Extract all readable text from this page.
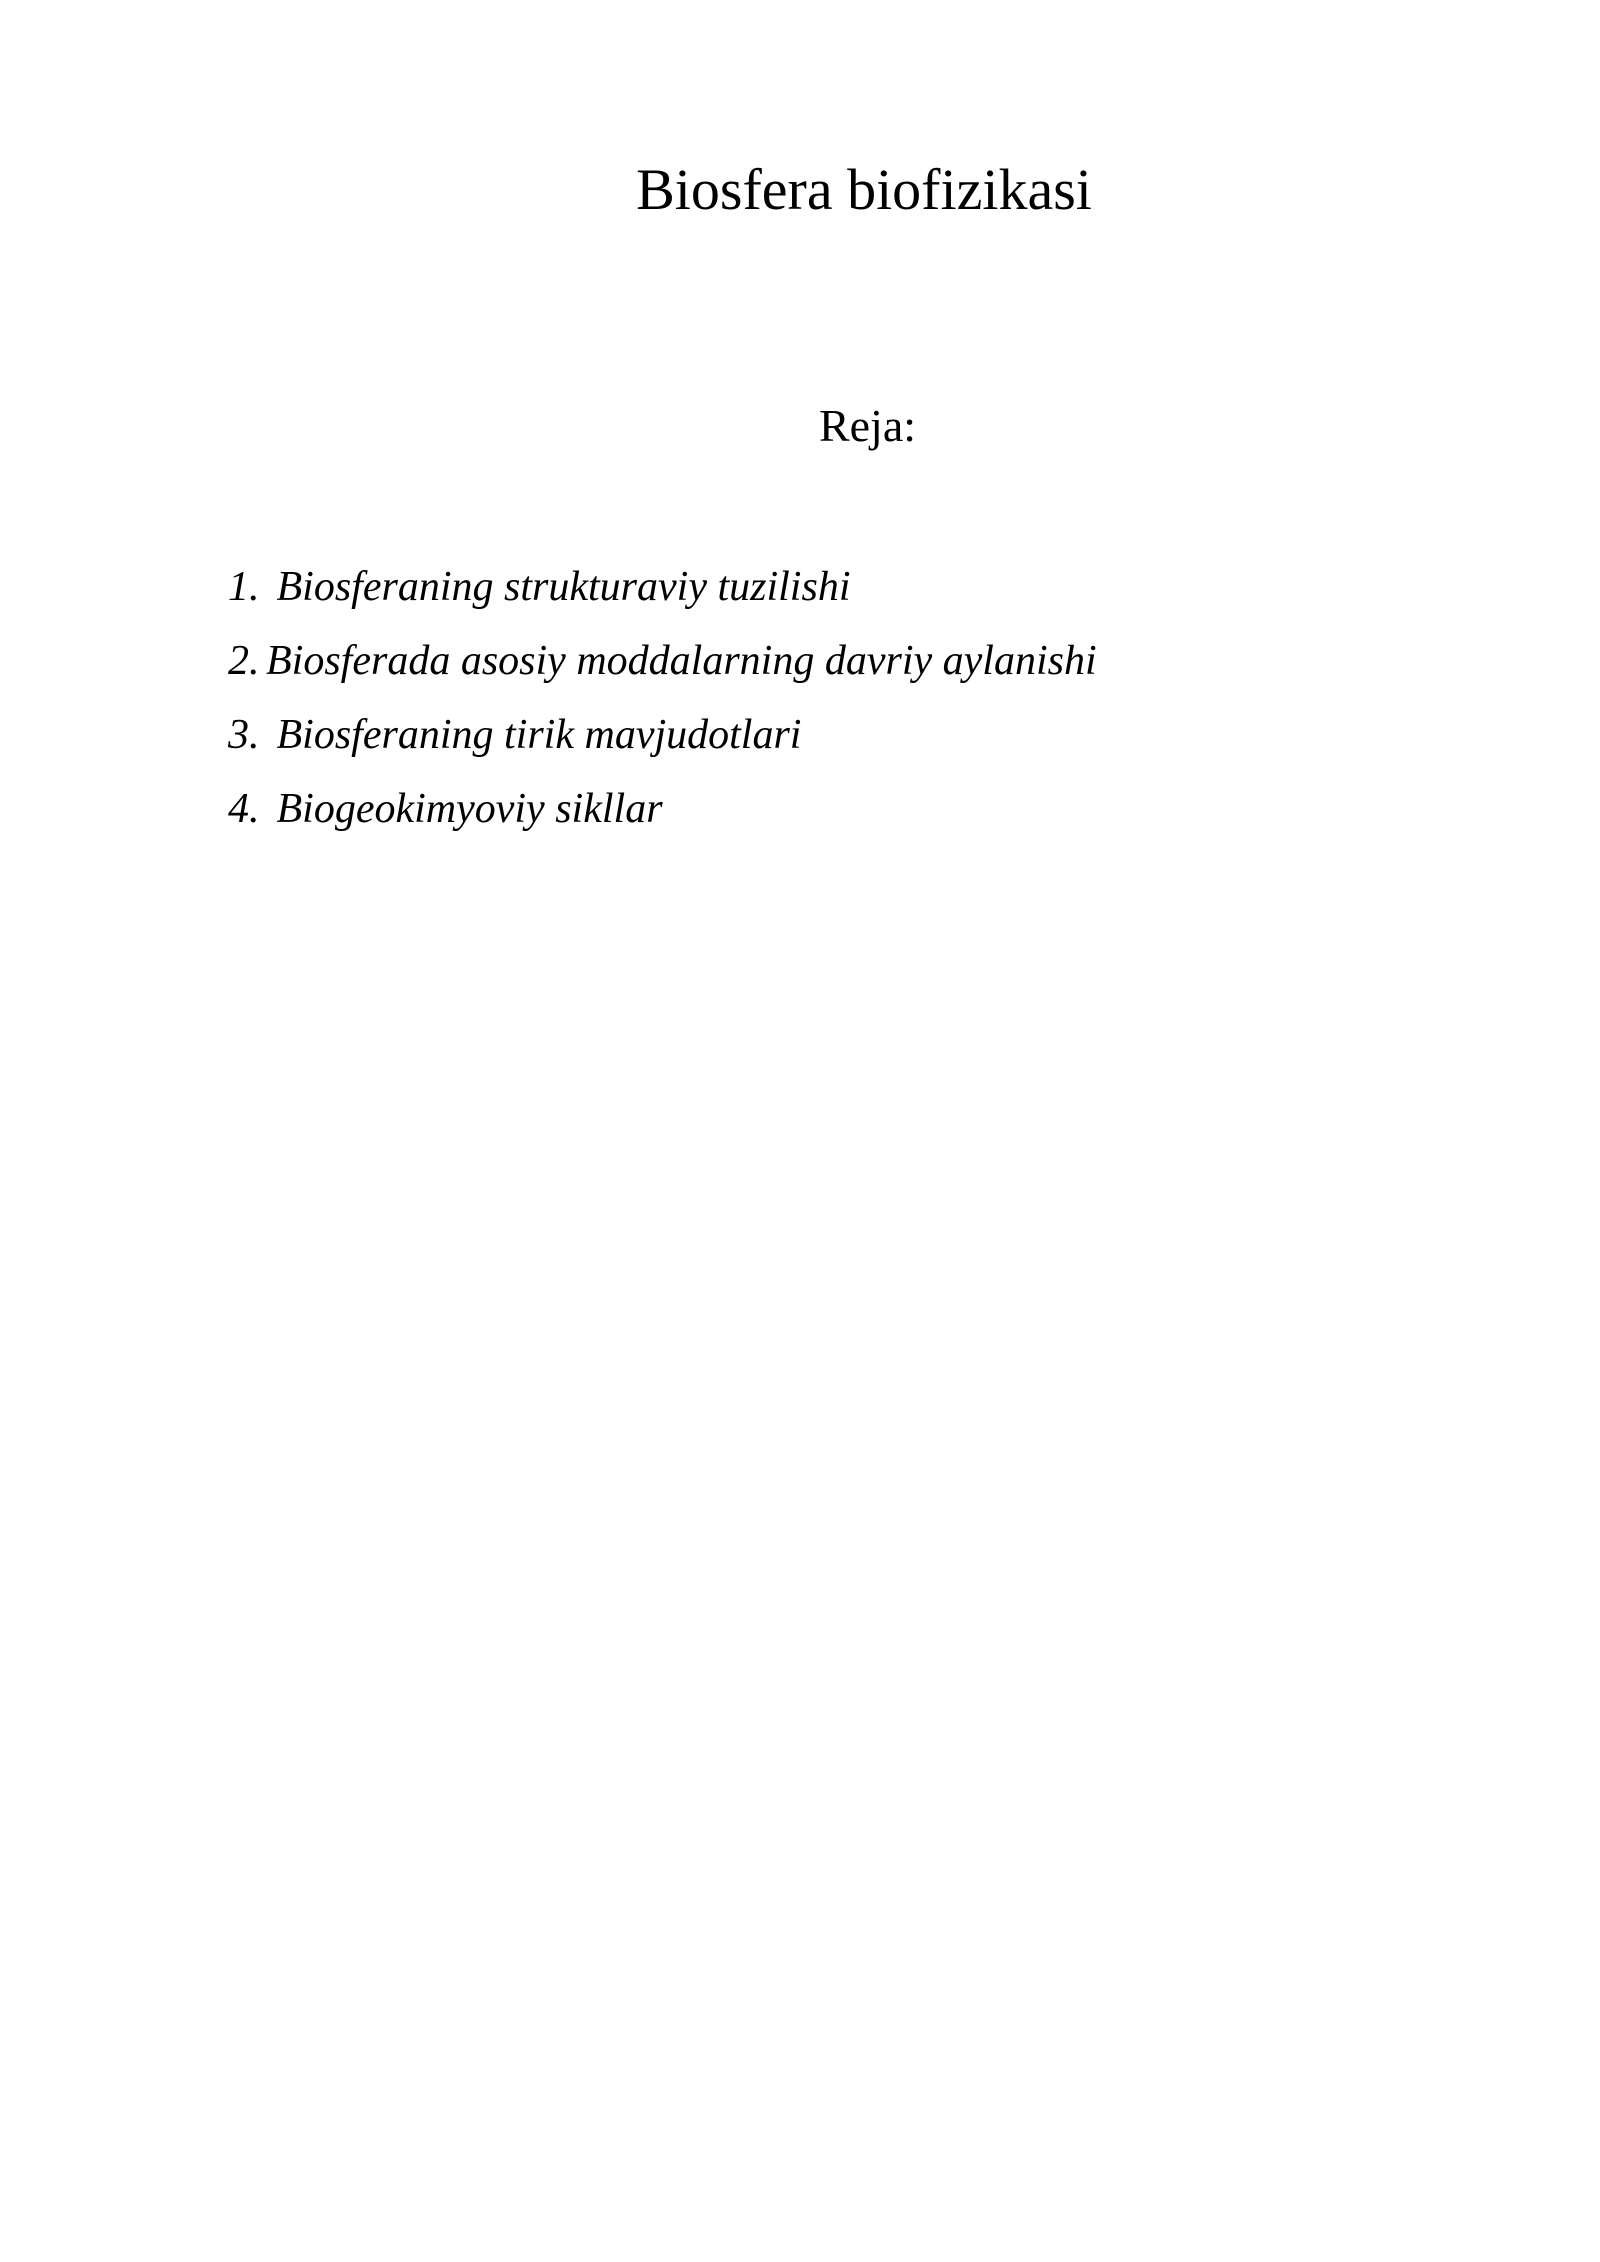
Biosfera biofizikasi
Reja:
1. Biosferaning strukturaviy tuzilishi
2. Biosferada asosiy moddalarning davriy aylanishi
3. Biosferaning tirik mavjudotlari
4. Biogeokimyoviy sikllar
